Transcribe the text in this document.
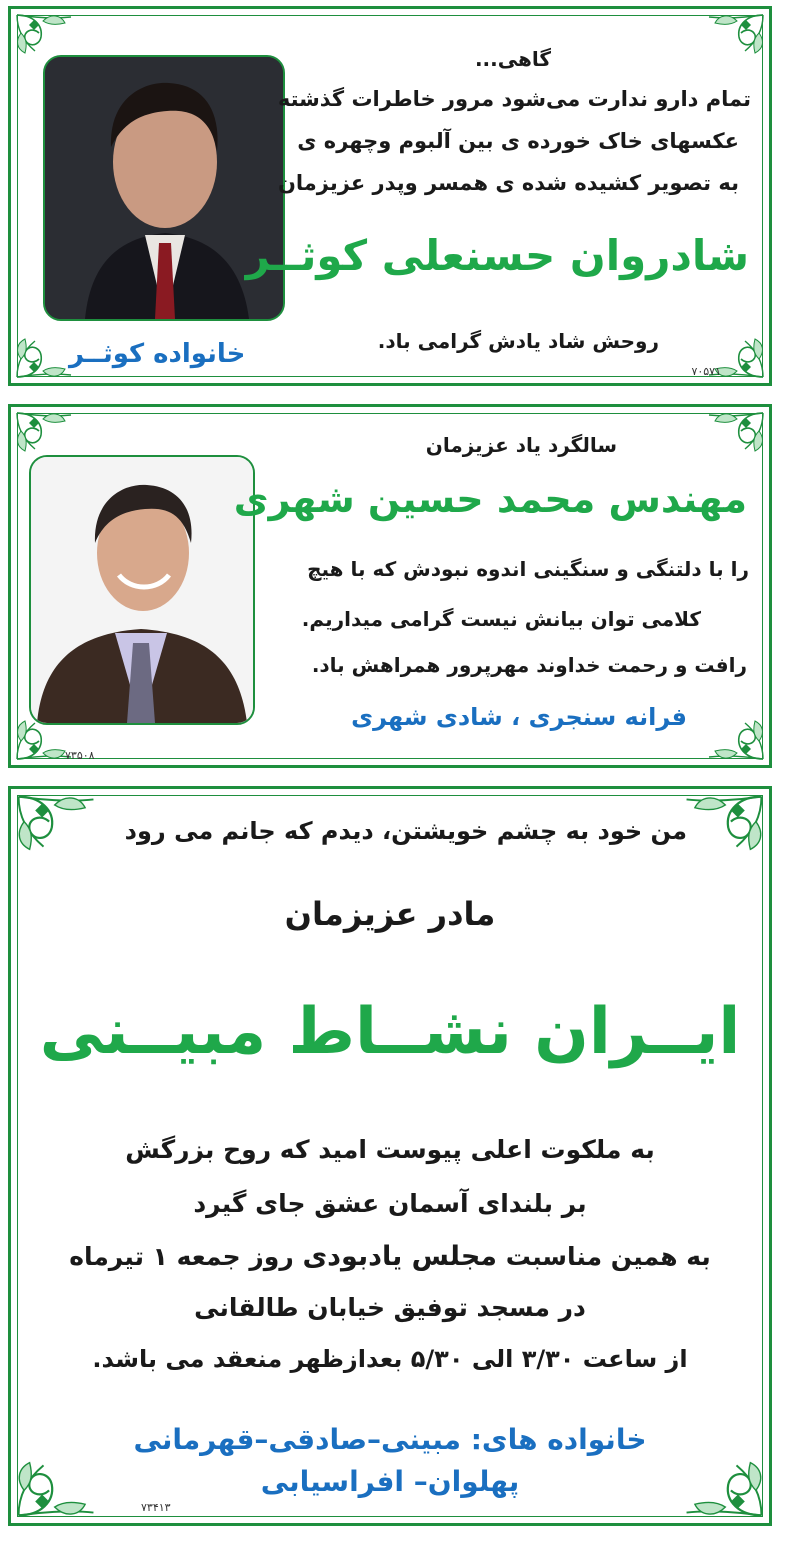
گاهی...
تمام دارو ندارت می‌شود مرور خاطرات گذشته
عکسهای خاک خورده ی بین آلبوم وچهره ی
به تصویر کشیده شده ی همسر وپدر عزیزمان
شادروان حسنعلی کوثــر
روحش شاد یادش گرامی باد.
خانواده کوثــر
۷۰۵۷۱
سالگرد یاد عزیزمان
مهندس محمد حسین شهری
را با دلتنگی و سنگینی اندوه نبودش که با هیچ
کلامی توان بیانش نیست گرامی میداریم.
رافت و رحمت خداوند مهرپرور همراهش باد.
فرانه سنجری ، شادی شهری
۷۳۵۰۸
من خود به چشم خویشتن، دیدم که جانم می رود
مادر عزیزمان
ایــران نشــاط مبیــنی
به ملکوت اعلی پیوست امید که روح بزرگش
بر بلندای آسمان عشق جای گیرد
به همین مناسبت مجلس یادبودی روز جمعه ۱ تیرماه
در مسجد توفیق خیابان طالقانی
از ساعت ۳/۳۰ الی ۵/۳۰ بعدازظهر منعقد می باشد.
خانواده های: مبینی–صادقی–قهرمانی
پهلوان– افراسیابی
۷۳۴۱۳
